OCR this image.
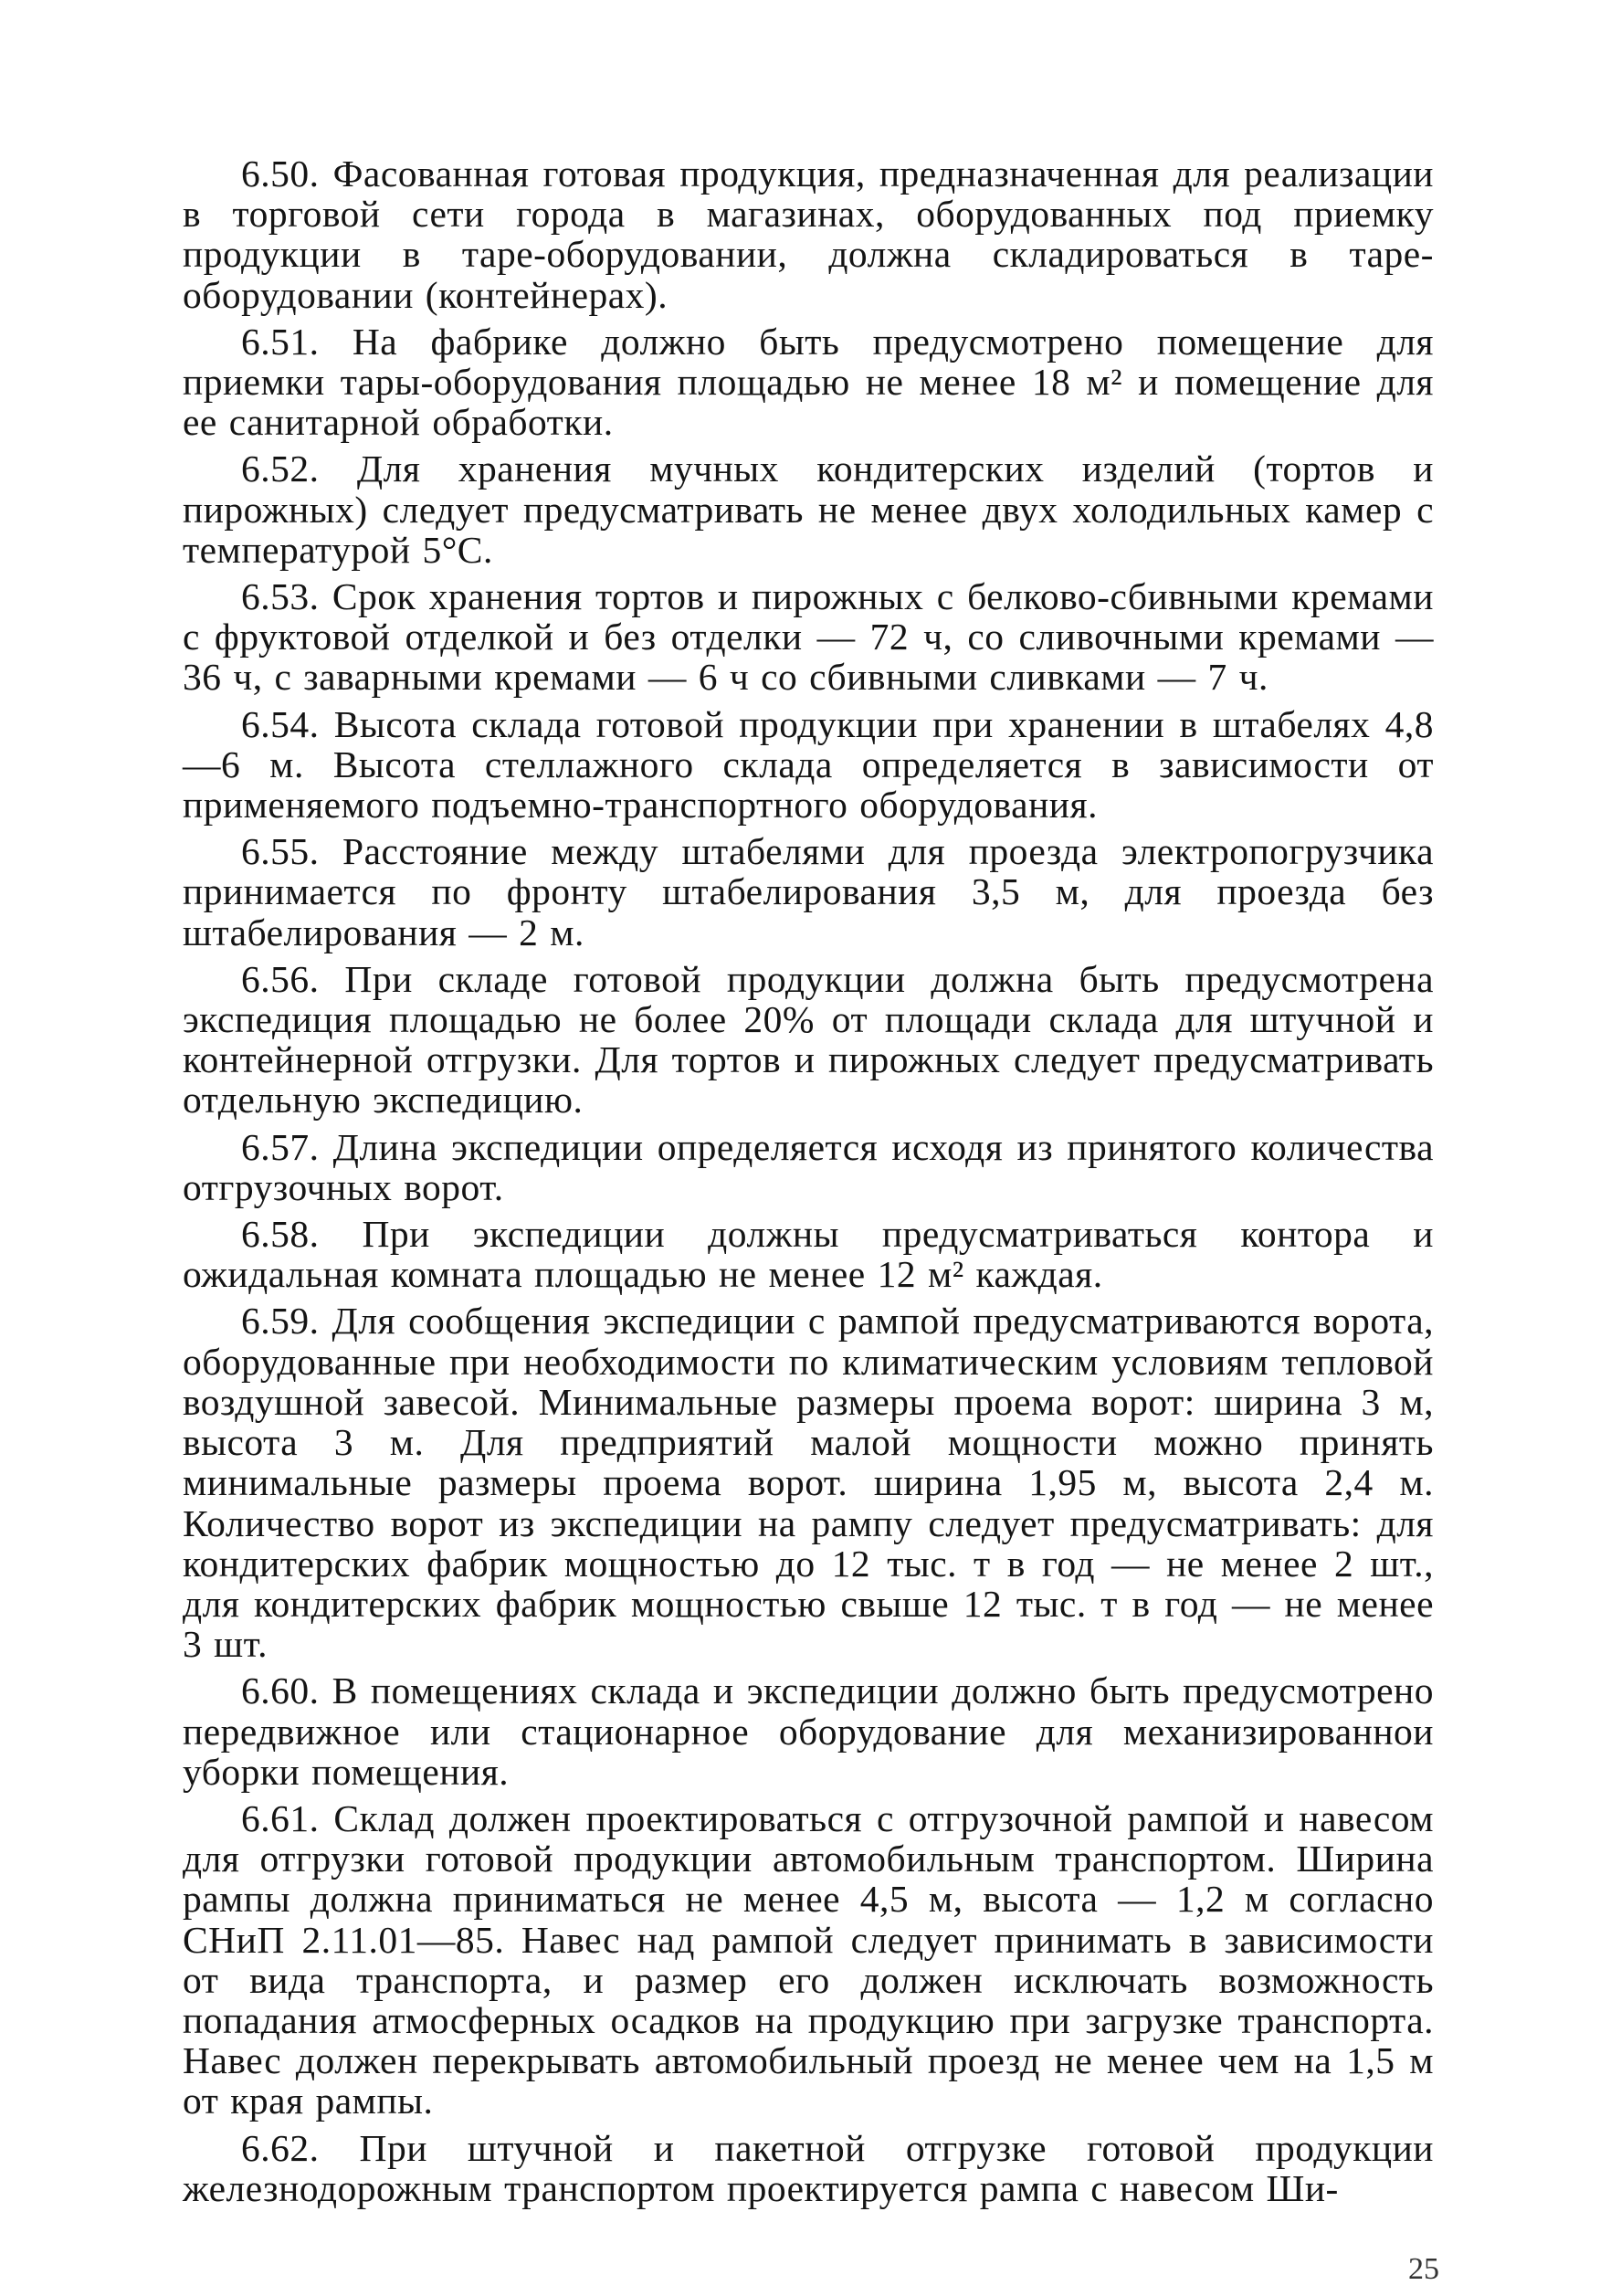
6.50. Фасованная готовая продукция, предназначенная для реализации в торговой сети города в магазинах, оборудованных под приемку продукции в таре-оборудовании, должна складироваться в таре-оборудовании (контейнерах).

6.51. На фабрике должно быть предусмотрено помещение для приемки тары-оборудования площадью не менее 18 м² и помещение для ее санитарной обработки.

6.52. Для хранения мучных кондитерских изделий (тортов и пирожных) следует предусматривать не менее двух холодильных камер с температурой 5°С.

6.53. Срок хранения тортов и пирожных с белково-сбивными кремами с фруктовой отделкой и без отделки — 72 ч, со сливочными кремами — 36 ч, с заварными кремами — 6 ч со сбивными сливками — 7 ч.

6.54. Высота склада готовой продукции при хранении в штабелях 4,8—6 м. Высота стеллажного склада определяется в зависимости от применяемого подъемно-транспортного оборудования.

6.55. Расстояние между штабелями для проезда электропогрузчика принимается по фронту штабелирования 3,5 м, для проезда без штабелирования — 2 м.

6.56. При складе готовой продукции должна быть предусмотрена экспедиция площадью не более 20% от площади склада для штучной и контейнерной отгрузки. Для тортов и пирожных следует предусматривать отдельную экспедицию.

6.57. Длина экспедиции определяется исходя из принятого количества отгрузочных ворот.

6.58. При экспедиции должны предусматриваться контора и ожидальная комната площадью не менее 12 м² каждая.

6.59. Для сообщения экспедиции с рампой предусматриваются ворота, оборудованные при необходимости по климатическим условиям тепловой воздушной завесой. Минимальные размеры проема ворот: ширина 3 м, высота 3 м. Для предприятий малой мощности можно принять минимальные размеры проема ворот. ширина 1,95 м, высота 2,4 м. Количество ворот из экспедиции на рампу следует предусматривать: для кондитерских фабрик мощностью до 12 тыс. т в год — не менее 2 шт., для кондитерских фабрик мощностью свыше 12 тыс. т в год — не менее 3 шт.

6.60. В помещениях склада и экспедиции должно быть предусмотрено передвижное или стационарное оборудование для механизированнои уборки помещения.

6.61. Склад должен проектироваться с отгрузочной рампой и навесом для отгрузки готовой продукции автомобильным транспортом. Ширина рампы должна приниматься не менее 4,5 м, высота — 1,2 м согласно СНиП 2.11.01—85. Навес над рампой следует принимать в зависимости от вида транспорта, и размер его должен исключать возможность попадания атмосферных осадков на продукцию при загрузке транспорта. Навес должен перекрывать автомобильный проезд не менее чем на 1,5 м от края рампы.

6.62. При штучной и пакетной отгрузке готовой продукции железнодорожным транспортом проектируется рампа с навесом Ши-

25
